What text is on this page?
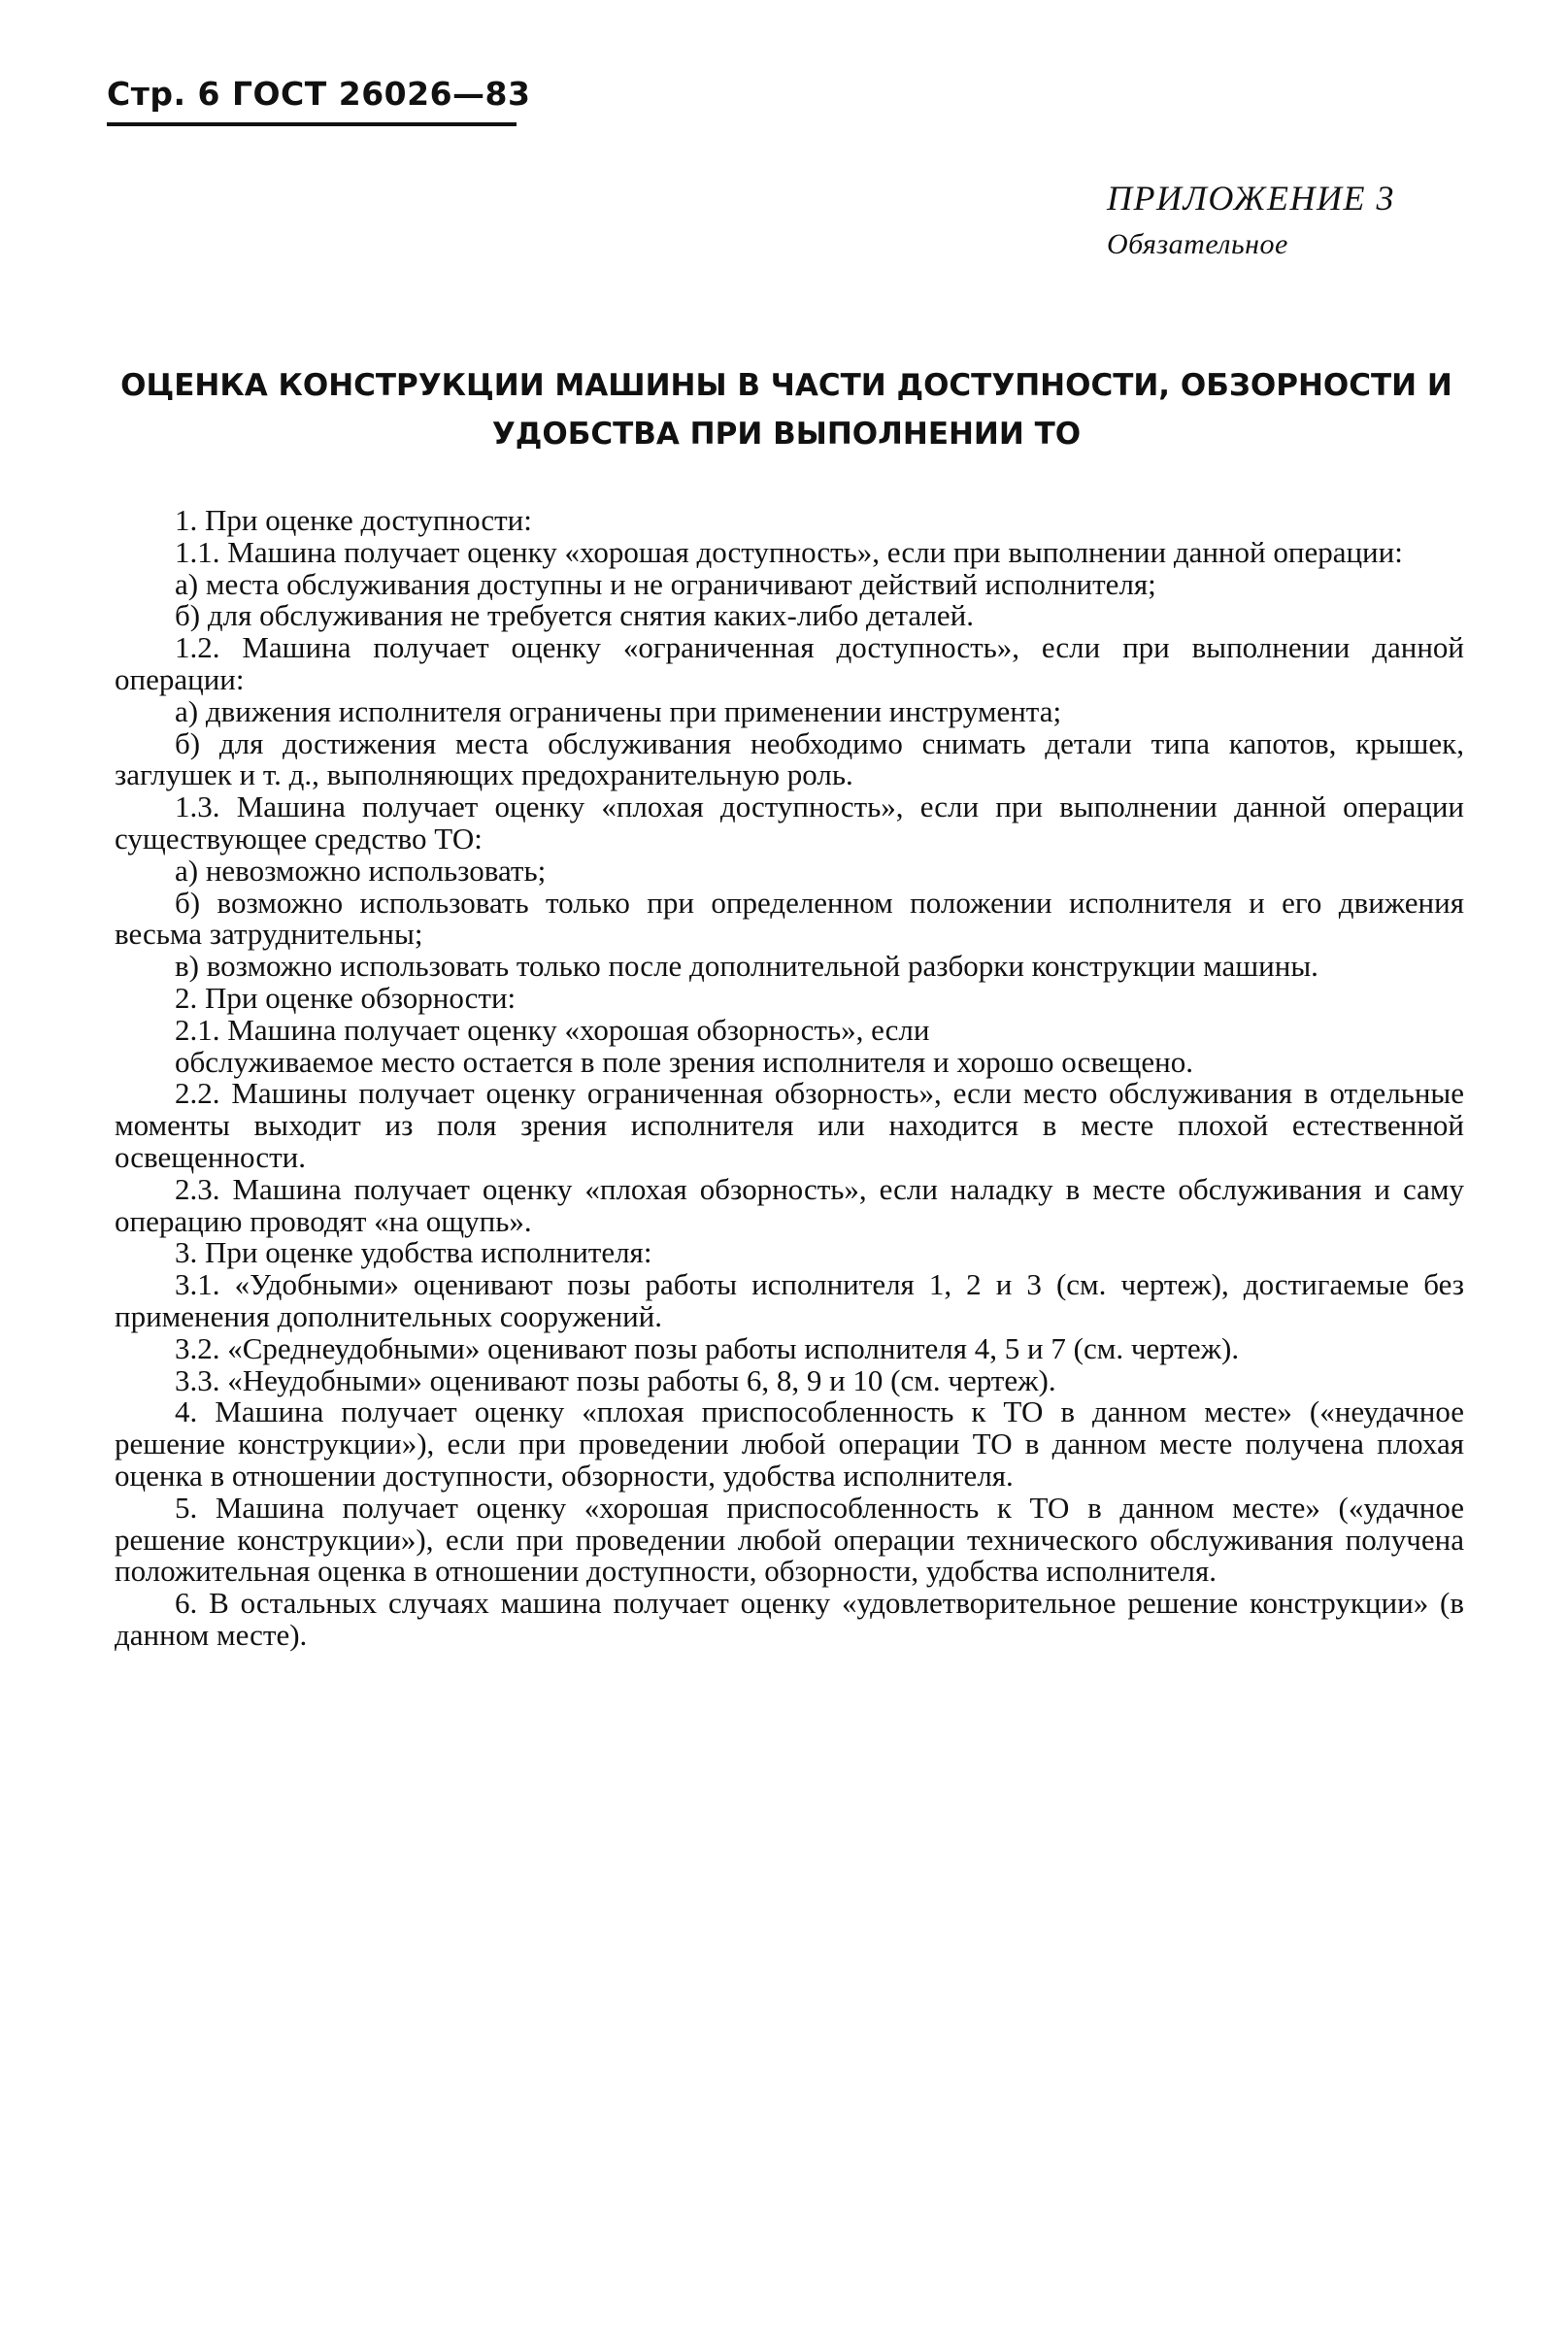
Стр. 6 ГОСТ 26026—83
ПРИЛОЖЕНИЕ 3
Обязательное
ОЦЕНКА КОНСТРУКЦИИ МАШИНЫ В ЧАСТИ ДОСТУПНОСТИ, ОБЗОРНОСТИ И УДОБСТВА ПРИ ВЫПОЛНЕНИИ ТО

1. При оценке доступности:

1.1. Машина получает оценку «хорошая доступность», если при выполнении данной операции:

а) места обслуживания доступны и не ограничивают действий исполнителя;

б) для обслуживания не требуется снятия каких-либо деталей.

1.2. Машина получает оценку «ограниченная доступность», если при выполнении данной операции:

а) движения исполнителя ограничены при применении инструмента;

б) для достижения места обслуживания необходимо снимать детали типа капотов, крышек, заглушек и т. д., выполняющих предохранительную роль.

1.3. Машина получает оценку «плохая доступность», если при выполнении данной операции существующее средство ТО:

а) невозможно использовать;

б) возможно использовать только при определенном положении исполнителя и его движения весьма затруднительны;

в) возможно использовать только после дополнительной разборки конструкции машины.

2. При оценке обзорности:

2.1. Машина получает оценку «хорошая обзорность», если

обслуживаемое место остается в поле зрения исполнителя и хорошо освещено.

2.2. Машины получает оценку ограниченная обзорность», если место обслуживания в отдельные моменты выходит из поля зрения исполнителя или находится в месте плохой естественной освещенности.

2.3. Машина получает оценку «плохая обзорность», если наладку в месте обслуживания и саму операцию проводят «на ощупь».

3. При оценке удобства исполнителя:

3.1. «Удобными» оценивают позы работы исполнителя 1, 2 и 3 (см. чертеж), достигаемые без применения дополнительных сооружений.

3.2. «Среднеудобными» оценивают позы работы исполнителя 4, 5 и 7 (см. чертеж).

3.3. «Неудобными» оценивают позы работы 6, 8, 9 и 10 (см. чертеж).

4. Машина получает оценку «плохая приспособленность к ТО в данном месте» («неудачное решение конструкции»), если при проведении любой операции ТО в данном месте получена плохая оценка в отношении доступности, обзорности, удобства исполнителя.

5. Машина получает оценку «хорошая приспособленность к ТО в данном месте» («удачное решение конструкции»), если при проведении любой операции технического обслуживания получена положительная оценка в отношении доступности, обзорности, удобства исполнителя.

6. В остальных случаях машина получает оценку «удовлетворительное решение конструкции» (в данном месте).
